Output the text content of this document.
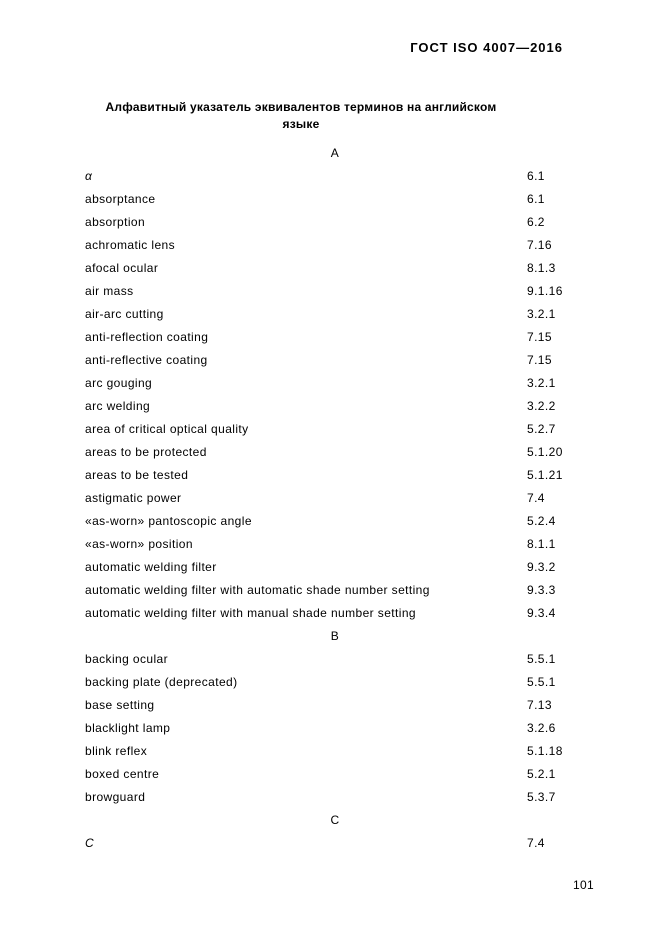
ГОСТ ISO 4007—2016
Алфавитный указатель эквивалентов терминов на английском
языке
А
α	6.1
absorptance	6.1
absorption	6.2
achromatic lens	7.16
afocal ocular	8.1.3
air mass	9.1.16
air-arc cutting	3.2.1
anti-reflection coating	7.15
anti-reflective coating	7.15
arc gouging	3.2.1
arc welding	3.2.2
area of critical optical quality	5.2.7
areas to be protected	5.1.20
areas to be tested	5.1.21
astigmatic power	7.4
«as-worn» pantoscopic angle	5.2.4
«as-worn» position	8.1.1
automatic welding filter	9.3.2
automatic welding filter with automatic shade number setting	9.3.3
automatic welding filter with manual shade number setting	9.3.4
В
backing ocular	5.5.1
backing plate (deprecated)	5.5.1
base setting	7.13
blacklight lamp	3.2.6
blink reflex	5.1.18
boxed centre	5.2.1
browguard	5.3.7
С
C	7.4
101
